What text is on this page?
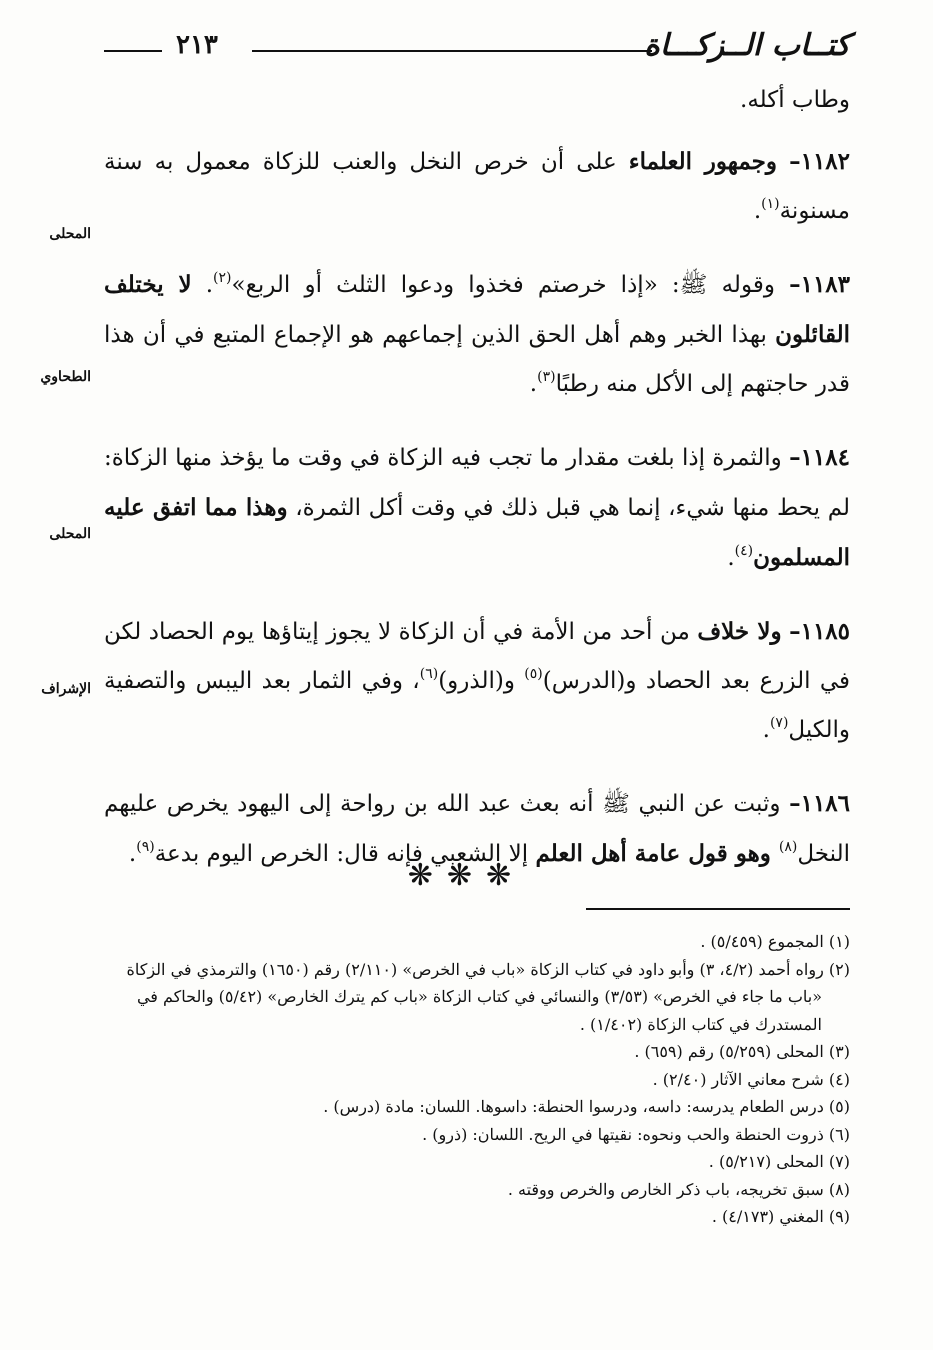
٢١٣	كتــاب الــزكـــاة
المحلى
الطحاوي
المحلى
الإشراف

وطاب أكله.

١١٨٢– وجمهور العلماء على أن خرص النخل والعنب للزكاة معمول به سنة مسنونة$^{(١)}$.

١١٨٣– وقوله ﷺ: «إذا خرصتم فخذوا ودعوا الثلث أو الربع»$^{(٢)}$. لا يختلف القائلون بهذا الخبر وهم أهل الحق الذين إجماعهم هو الإجماع المتبع في أن هذا قدر حاجتهم إلى الأكل منه رطبًا$^{(٣)}$.

١١٨٤– والثمرة إذا بلغت مقدار ما تجب فيه الزكاة في وقت ما يؤخذ منها الزكاة: لم يحط منها شيء، إنما هي قبل ذلك في وقت أكل الثمرة، وهذا مما اتفق عليه المسلمون$^{(٤)}$.

١١٨٥– ولا خلاف من أحد من الأمة في أن الزكاة لا يجوز إيتاؤها يوم الحصاد لكن في الزرع بعد الحصاد و(الدرس)$^{(٥)}$ و(الذرو)$^{(٦)}$، وفي الثمار بعد اليبس والتصفية والكيل$^{(٧)}$.

١١٨٦– وثبت عن النبي ﷺ أنه بعث عبد الله بن رواحة إلى اليهود يخرص عليهم النخل$^{(٨)}$ وهو قول عامة أهل العلم إلا الشعبي فإنه قال: الخرص اليوم بدعة$^{(٩)}$.

❋❋❋
(١) المجموع (٥/٤٥٩) .
(٢) رواه أحمد (٤/٢، ٣) وأبو داود في كتاب الزكاة «باب في الخرص» (٢/١١٠) رقم (١٦٥٠) والترمذي في الزكاة «باب ما جاء في الخرص» (٣/٥٣) والنسائي في كتاب الزكاة «باب كم يترك الخارص» (٥/٤٢) والحاكم في المستدرك في كتاب الزكاة (١/٤٠٢) .
(٣) المحلى (٥/٢٥٩) رقم (٦٥٩) .
(٤) شرح معاني الآثار (٢/٤٠) .
(٥) درس الطعام يدرسه: داسه، ودرسوا الحنطة: داسوها. اللسان: مادة (درس) .
(٦) ذروت الحنطة والحب ونحوه: نقيتها في الريح. اللسان: (ذرو) .
(٧) المحلى (٥/٢١٧) .
(٨) سبق تخريجه، باب ذكر الخارص والخرص ووقته .
(٩) المغني (٤/١٧٣) .
